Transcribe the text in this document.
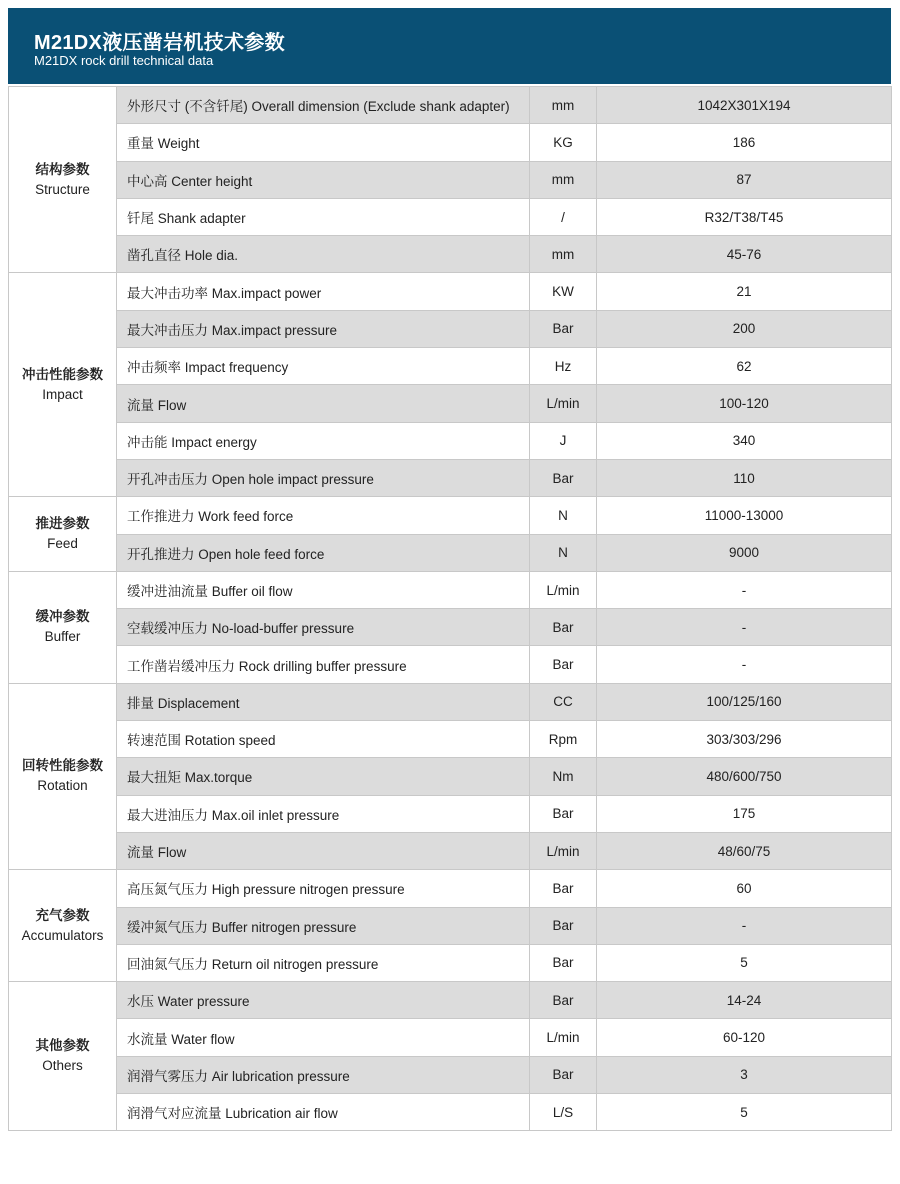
M21DX液压凿岩机技术参数
M21DX rock drill technical data
结构参数
Structure	外形尺寸 (不含钎尾) Overall dimension (Exclude shank adapter)	mm	1042X301X194
	重量 Weight	KG	186
	中心高 Center height	mm	87
	钎尾 Shank adapter	/	R32/T38/T45
	凿孔直径 Hole dia.	mm	45-76

冲击性能参数
Impact	最大冲击功率 Max.impact power	KW	21
	最大冲击压力 Max.impact pressure	Bar	200
	冲击频率 Impact frequency	Hz	62
	流量 Flow	L/min	100-120
	冲击能 Impact energy	J	340
	开孔冲击压力 Open hole impact pressure	Bar	110

推进参数
Feed	工作推进力 Work feed force	N	11000-13000
	开孔推进力 Open hole feed force	N	9000

缓冲参数
Buffer	缓冲进油流量 Buffer oil flow	L/min	-
	空载缓冲压力 No-load-buffer pressure	Bar	-
	工作凿岩缓冲压力 Rock drilling buffer pressure	Bar	-

回转性能参数
Rotation	排量 Displacement	CC	100/125/160
	转速范围 Rotation speed	Rpm	303/303/296
	最大扭矩 Max.torque	Nm	480/600/750
	最大进油压力 Max.oil inlet pressure	Bar	175
	流量 Flow	L/min	48/60/75

充气参数
Accumulators	高压氮气压力 High pressure nitrogen pressure	Bar	60
	缓冲氮气压力 Buffer nitrogen pressure	Bar	-
	回油氮气压力 Return oil nitrogen pressure	Bar	5

其他参数
Others	水压 Water pressure	Bar	14-24
	水流量 Water flow	L/min	60-120
	润滑气雾压力 Air lubrication pressure	Bar	3
	润滑气对应流量 Lubrication air flow	L/S	5
